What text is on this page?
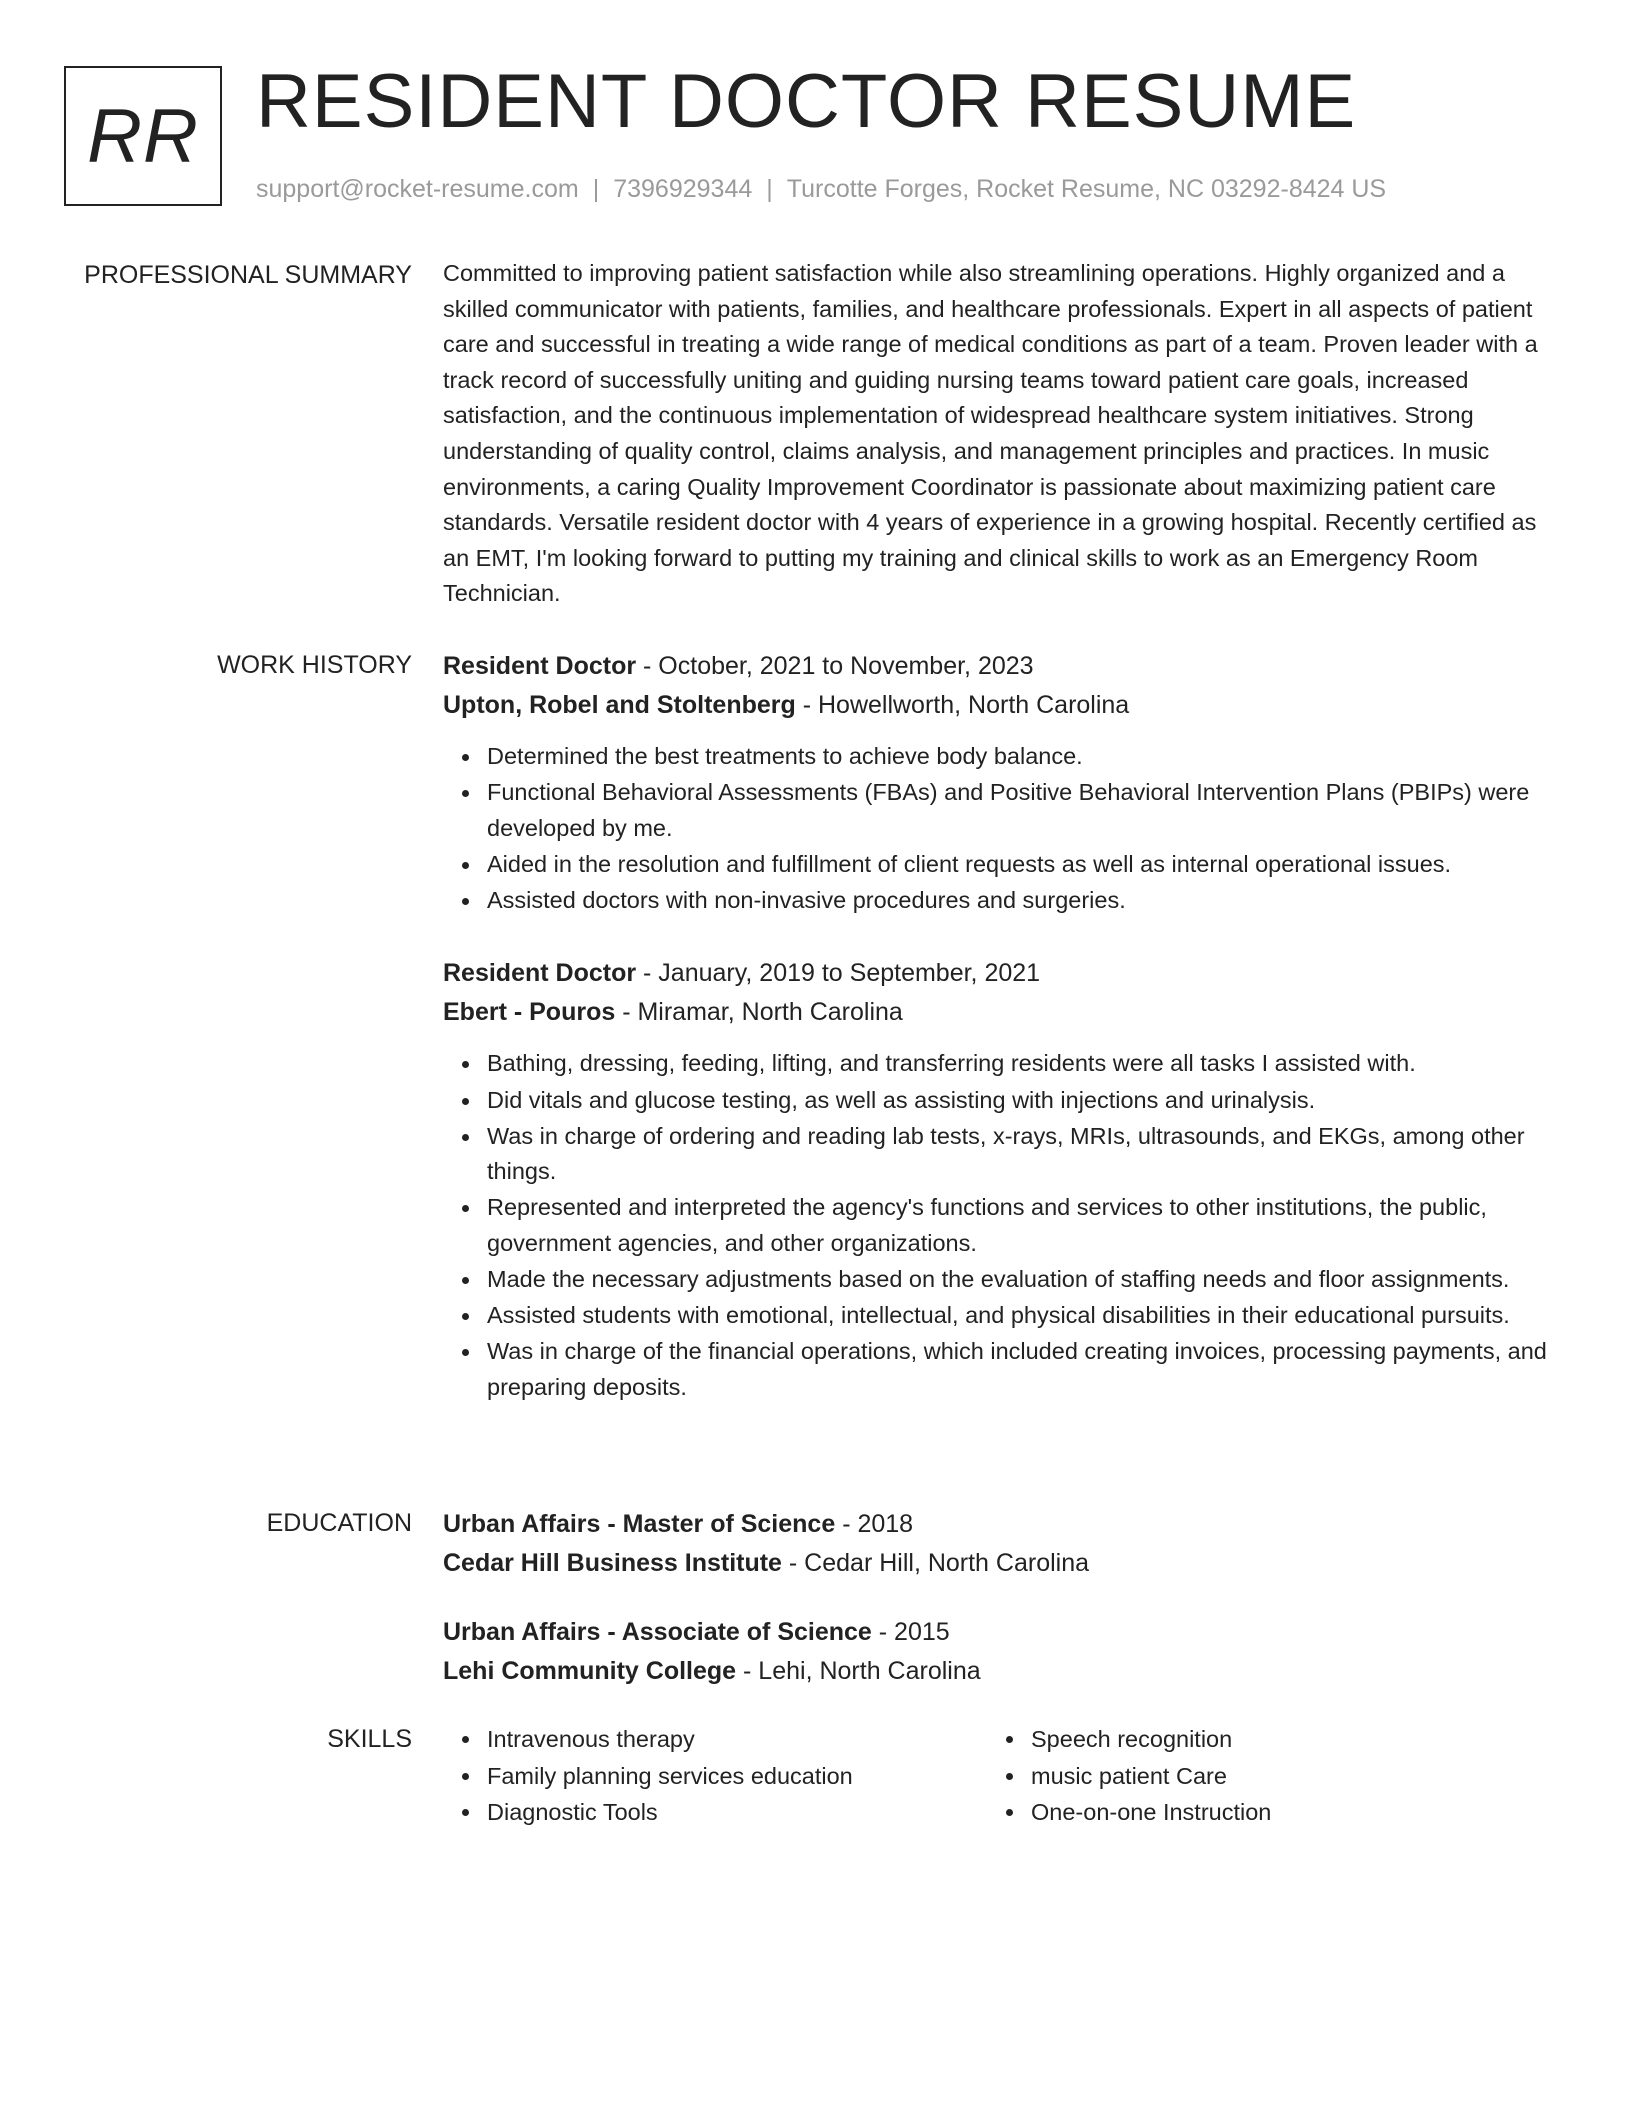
RR RESIDENT DOCTOR RESUME
support@rocket-resume.com | 7396929344 | Turcotte Forges, Rocket Resume, NC 03292-8424 US
PROFESSIONAL SUMMARY Committed to improving patient satisfaction while also streamlining operations. Highly organized and a skilled communicator with patients, families, and healthcare professionals. Expert in all aspects of patient care and successful in treating a wide range of medical conditions as part of a team. Proven leader with a track record of successfully uniting and guiding nursing teams toward patient care goals, increased satisfaction, and the continuous implementation of widespread healthcare system initiatives. Strong understanding of quality control, claims analysis, and management principles and practices. In music environments, a caring Quality Improvement Coordinator is passionate about maximizing patient care standards. Versatile resident doctor with 4 years of experience in a growing hospital. Recently certified as an EMT, I'm looking forward to putting my training and clinical skills to work as an Emergency Room Technician.

WORK HISTORY Resident Doctor - October, 2021 to November, 2023
Upton, Robel and Stoltenberg - Howellworth, North Carolina
Determined the best treatments to achieve body balance.
Functional Behavioral Assessments (FBAs) and Positive Behavioral Intervention Plans (PBIPs) were developed by me.
Aided in the resolution and fulfillment of client requests as well as internal operational issues.
Assisted doctors with non-invasive procedures and surgeries.
Resident Doctor - January, 2019 to September, 2021
Ebert - Pouros - Miramar, North Carolina
Bathing, dressing, feeding, lifting, and transferring residents were all tasks I assisted with.
Did vitals and glucose testing, as well as assisting with injections and urinalysis.
Was in charge of ordering and reading lab tests, x-rays, MRIs, ultrasounds, and EKGs, among other things.
Represented and interpreted the agency's functions and services to other institutions, the public, government agencies, and other organizations.
Made the necessary adjustments based on the evaluation of staffing needs and floor assignments.
Assisted students with emotional, intellectual, and physical disabilities in their educational pursuits.
Was in charge of the financial operations, which included creating invoices, processing payments, and preparing deposits.
EDUCATION Urban Affairs - Master of Science - 2018
Cedar Hill Business Institute - Cedar Hill, North Carolina
Urban Affairs - Associate of Science - 2015
Lehi Community College - Lehi, North Carolina
SKILLS	Intravenous therapy
Family planning services education
Diagnostic Tools
Speech recognition
music patient Care
One-on-one Instruction
